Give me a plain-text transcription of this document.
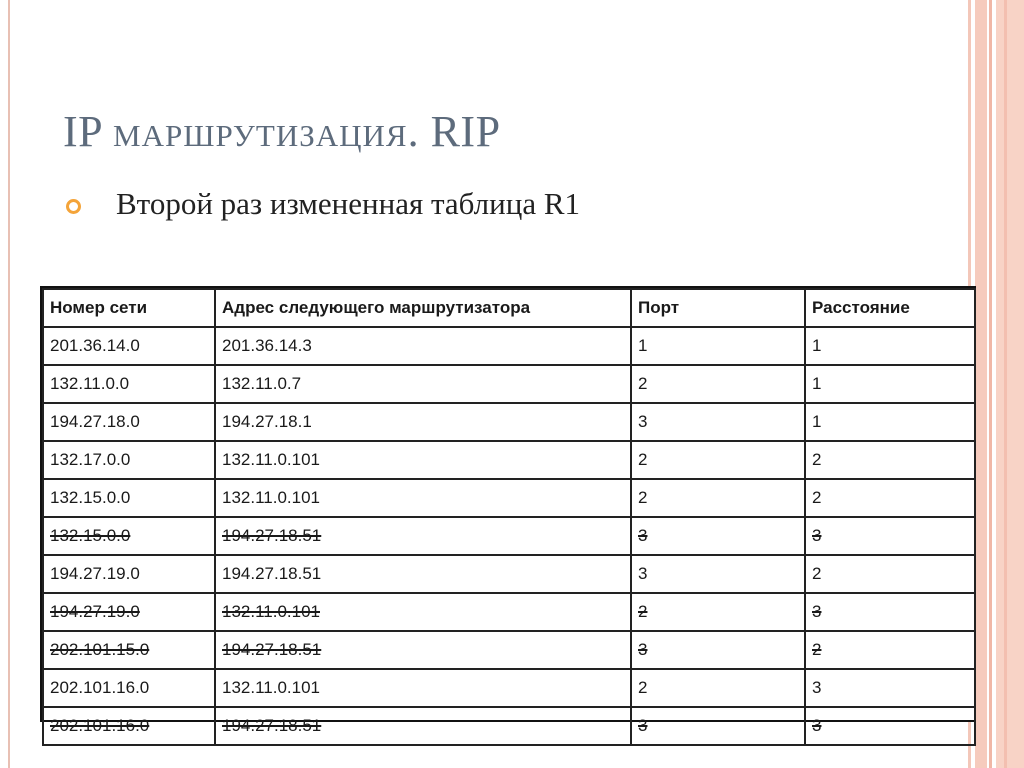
IP МАРШРУТИЗАЦИЯ. RIP
Второй раз измененная таблица R1
Номер сети	Адрес следующего маршрутизатора	Порт	Расстояние
201.36.14.0	201.36.14.3	1	1
132.11.0.0	132.11.0.7	2	1
194.27.18.0	194.27.18.1	3	1
132.17.0.0	132.11.0.101	2	2
132.15.0.0	132.11.0.101	2	2
132.15.0.0	194.27.18.51	3	3
194.27.19.0	194.27.18.51	3	2
194.27.19.0	132.11.0.101	2	3
202.101.15.0	194.27.18.51	3	2
202.101.16.0	132.11.0.101	2	3
202.101.16.0	194.27.18.51	3	3
